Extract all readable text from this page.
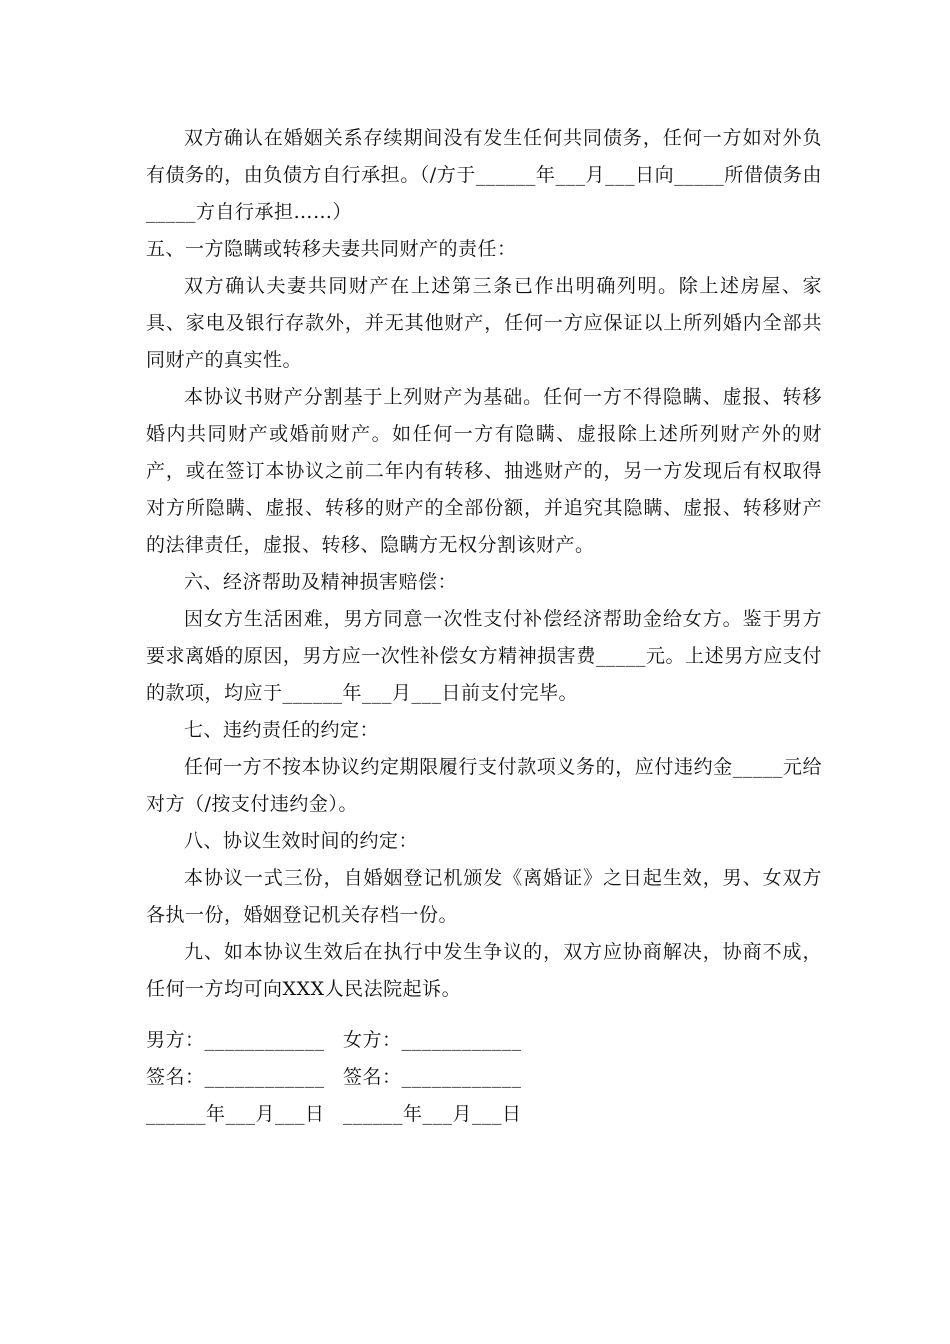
双方确认在婚姻关系存续期间没有发生任何共同债务，任何一方如对外负有债务的，由负债方自行承担。（/方于______年___月___日向_____所借债务由_____方自行承担……）

五、一方隐瞒或转移夫妻共同财产的责任：

双方确认夫妻共同财产在上述第三条已作出明确列明。除上述房屋、家具、家电及银行存款外，并无其他财产，任何一方应保证以上所列婚内全部共同财产的真实性。

本协议书财产分割基于上列财产为基础。任何一方不得隐瞒、虚报、转移婚内共同财产或婚前财产。如任何一方有隐瞒、虚报除上述所列财产外的财产，或在签订本协议之前二年内有转移、抽逃财产的，另一方发现后有权取得对方所隐瞒、虚报、转移的财产的全部份额，并追究其隐瞒、虚报、转移财产的法律责任，虚报、转移、隐瞒方无权分割该财产。

六、经济帮助及精神损害赔偿：

因女方生活困难，男方同意一次性支付补偿经济帮助金给女方。鉴于男方要求离婚的原因，男方应一次性补偿女方精神损害费_____元。上述男方应支付的款项，均应于______年___月___日前支付完毕。

七、违约责任的约定：

任何一方不按本协议约定期限履行支付款项义务的，应付违约金_____元给对方（/按支付违约金）。

八、协议生效时间的约定：

本协议一式三份，自婚姻登记机颁发《离婚证》之日起生效，男、女双方各执一份，婚姻登记机关存档一份。

九、如本协议生效后在执行中发生争议的，双方应协商解决，协商不成，任何一方均可向XXX人民法院起诉。

男方：____________ 女方：____________
签名：____________ 签名：____________
______年___月___日 ______年___月___日
